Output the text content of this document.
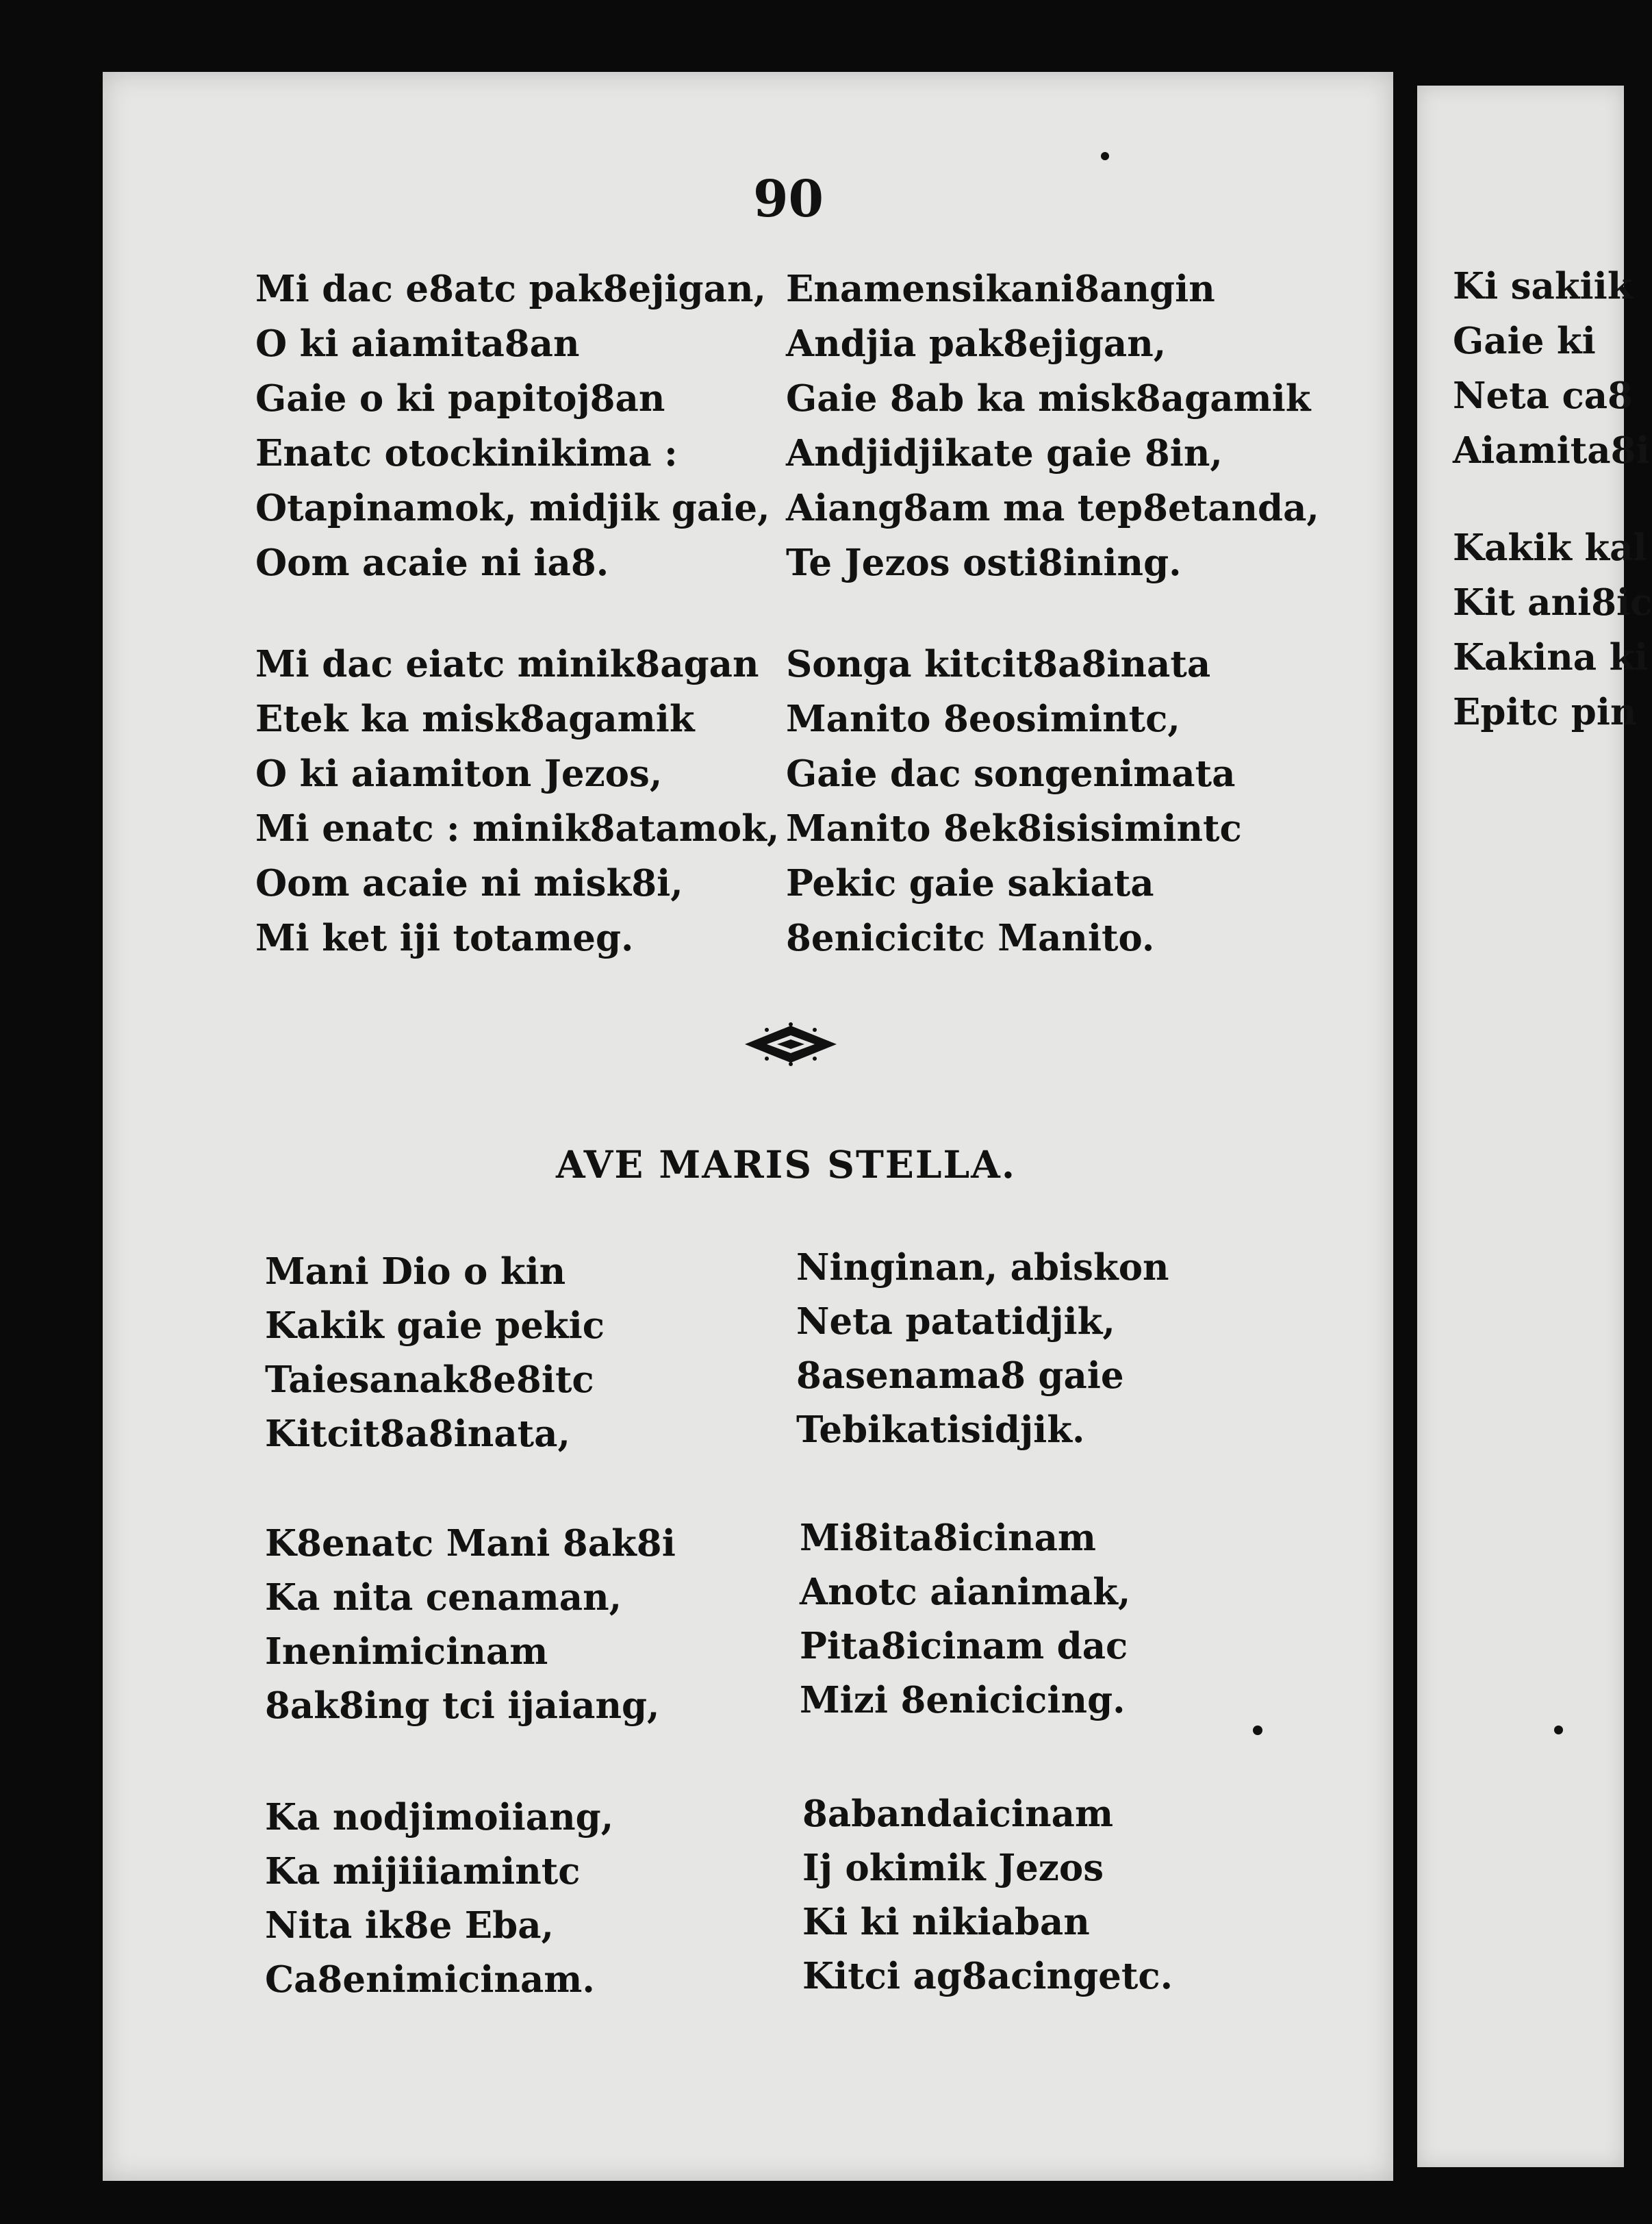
90
Mi dac e8atc pak8ejigan,
O ki aiamita8an
Gaie o ki papitoj8an
Enatc otockinikima :
Otapinamok, midjik gaie,
Oom acaie ni ia8.
Enamensikani8angin
Andjia pak8ejigan,
Gaie 8ab ka misk8agamik
Andjidjikate gaie 8in,
Aiang8am ma tep8etanda,
Te Jezos osti8ining.
Mi dac eiatc minik8agan
Etek ka misk8agamik
O ki aiamiton Jezos,
Mi enatc : minik8atamok,
Oom acaie ni misk8i,
Mi ket iji totameg.
Songa kitcit8a8inata
Manito 8eosimintc,
Gaie dac songenimata
Manito 8ek8isisimintc
Pekic gaie sakiata
8enicicitc Manito.
AVE MARIS STELLA.
Mani Dio o kin
Kakik gaie pekic
Taiesanak8e8itc
Kitcit8a8inata,
Ninginan, abiskon
Neta patatidjik,
8asenama8 gaie
Tebikatisidjik.
K8enatc Mani 8ak8i
Ka nita cenaman,
Inenimicinam
8ak8ing tci ijaiang,
Mi8ita8icinam
Anotc aianimak,
Pita8icinam dac
Mizi 8enicicing.
Ka nodjimoiiang,
Ka mijiiiamintc
Nita ik8e Eba,
Ca8enimicinam.
8abandaicinam
Ij okimik Jezos
Ki ki nikiaban
Kitci ag8acingetc.
Ki sakiik
Gaie ki
Neta ca8
Aiamita8i
Kakik kal
Kit ani8ic
Kakina ki
Epitc pin
